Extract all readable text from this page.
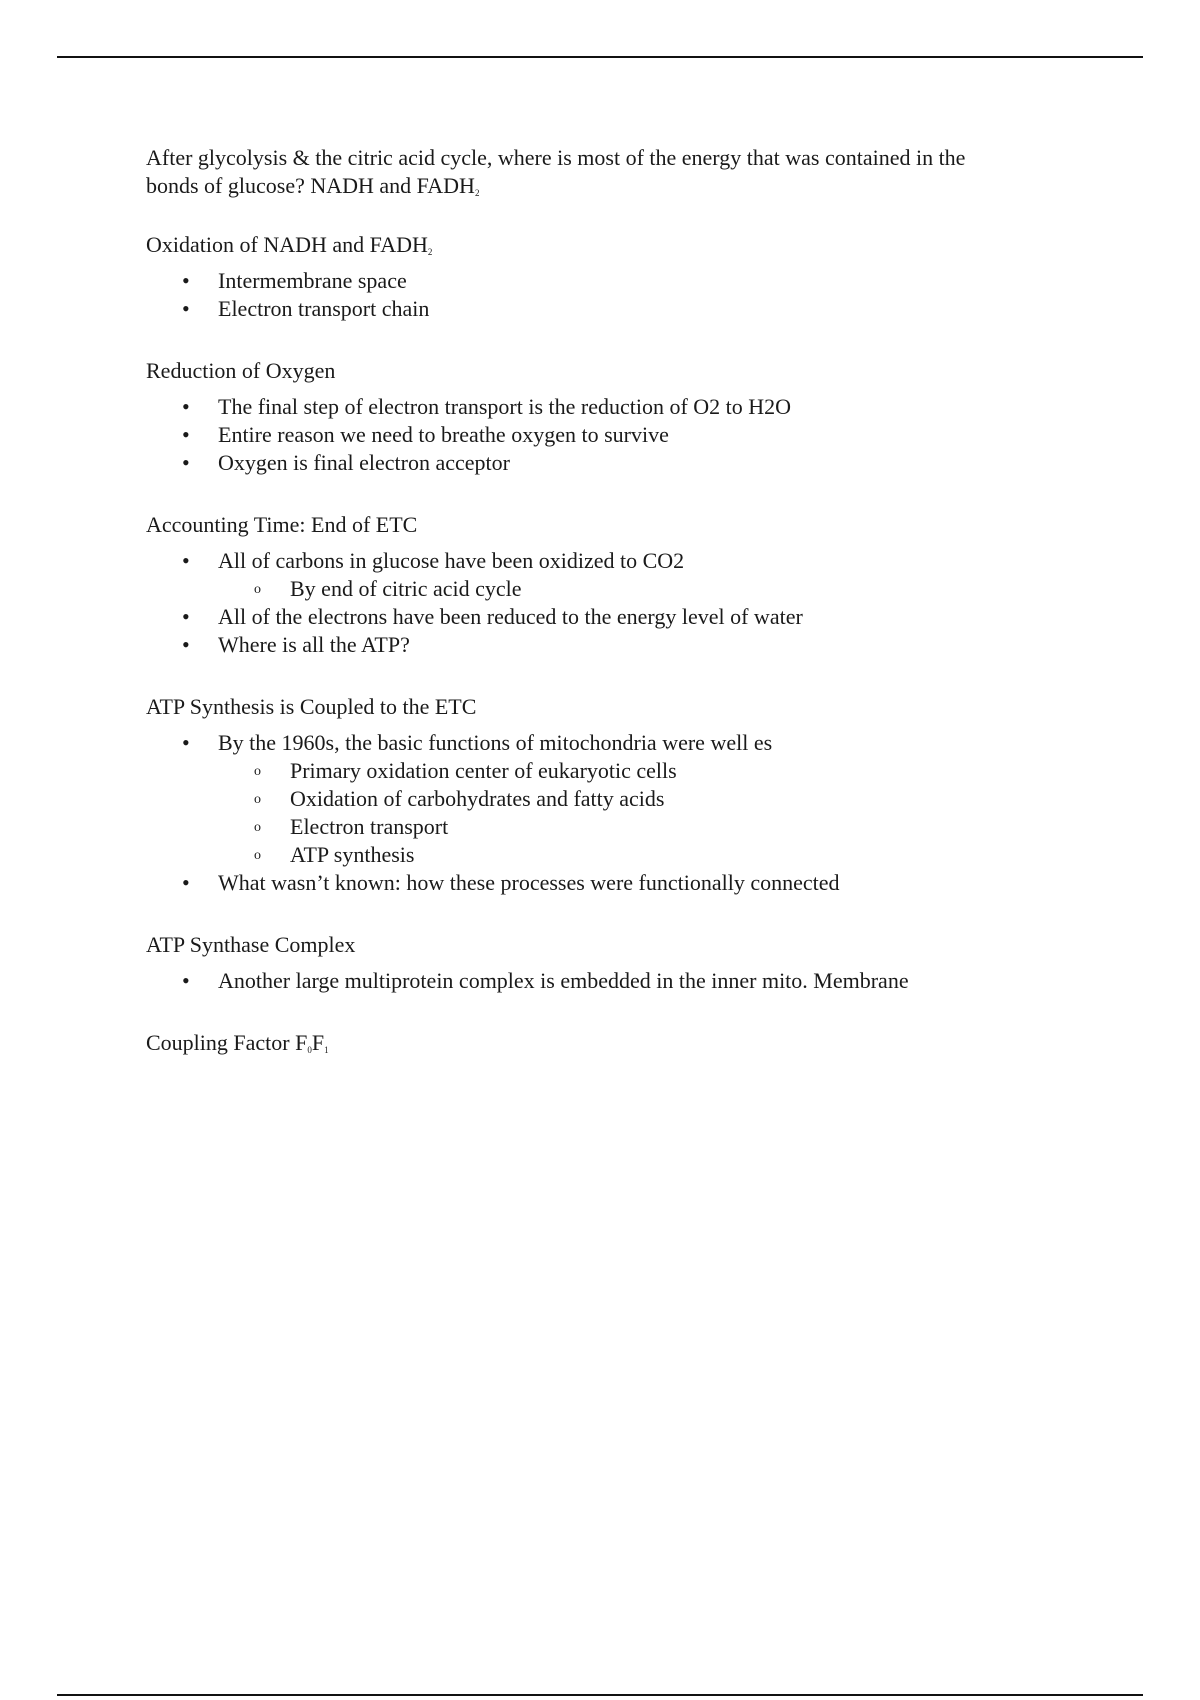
After glycolysis & the citric acid cycle, where is most of the energy that was contained in the
bonds of glucose? NADH and $FADH_2$

Oxidation of NADH and $FADH_2$

• Intermembrane space
• Electron transport chain

Reduction of Oxygen

• The final step of electron transport is the reduction of O2 to H2O
• Entire reason we need to breathe oxygen to survive
• Oxygen is final electron acceptor

Accounting Time: End of ETC

• All of carbons in glucose have been oxidized to CO2
o By end of citric acid cycle
• All of the electrons have been reduced to the energy level of water
• Where is all the ATP?

ATP Synthesis is Coupled to the ETC

• By the 1960s, the basic functions of mitochondria were well es
o Primary oxidation center of eukaryotic cells
o Oxidation of carbohydrates and fatty acids
o Electron transport
o ATP synthesis
• What wasn’t known: how these processes were functionally connected

ATP Synthase Complex

• Another large multiprotein complex is embedded in the inner mito. Membrane

Coupling Factor $F_0F_1$
